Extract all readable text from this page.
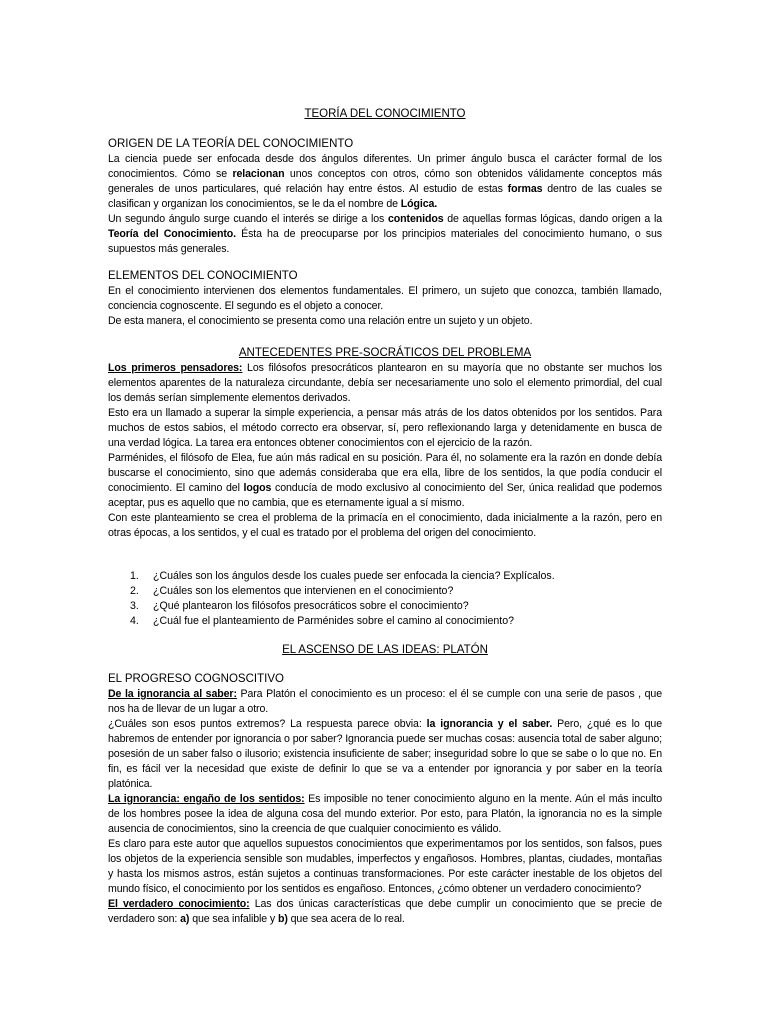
TEORÍA DEL CONOCIMIENTO
ORIGEN DE LA TEORÍA DEL CONOCIMIENTO

La ciencia puede ser enfocada desde dos ángulos diferentes. Un primer ángulo busca el carácter formal de los conocimientos. Cómo se relacionan unos conceptos con otros, cómo son obtenidos válidamente conceptos más generales de unos particulares, qué relación hay entre éstos. Al estudio de estas formas dentro de las cuales se clasifican y organizan los conocimientos, se le da el nombre de Lógica.

Un segundo ángulo surge cuando el interés se dirige a los contenidos de aquellas formas lógicas, dando origen a la Teoría del Conocimiento. Ésta ha de preocuparse por los principios materiales del conocimiento humano, o sus supuestos más generales.

ELEMENTOS DEL CONOCIMIENTO

En el conocimiento intervienen dos elementos fundamentales. El primero, un sujeto que conozca, también llamado, conciencia cognoscente. El segundo es el objeto a conocer.

De esta manera, el conocimiento se presenta como una relación entre un sujeto y un objeto.

ANTECEDENTES PRE-SOCRÁTICOS DEL PROBLEMA

Los primeros pensadores: Los filósofos presocráticos plantearon en su mayoría que no obstante ser muchos los elementos aparentes de la naturaleza circundante, debía ser necesariamente uno solo el elemento primordial, del cual los demás serían simplemente elementos derivados.

Esto era un llamado a superar la simple experiencia, a pensar más atrás de los datos obtenidos por los sentidos. Para muchos de estos sabios, el método correcto era observar, sí, pero reflexionando larga y detenidamente en busca de una verdad lógica. La tarea era entonces obtener conocimientos con el ejercicio de la razón.

Parménides, el filósofo de Elea, fue aún más radical en su posición. Para él, no solamente era la razón en donde debía buscarse el conocimiento, sino que además consideraba que era ella, libre de los sentidos, la que podía conducir el conocimiento. El camino del logos conducía de modo exclusivo al conocimiento del Ser, única realidad que podemos aceptar, pus es aquello que no cambia, que es eternamente igual a sí mismo.

Con este planteamiento se crea el problema de la primacía en el conocimiento, dada inicialmente a la razón, pero en otras épocas, a los sentidos, y el cual es tratado por el problema del origen del conocimiento.

1. ¿Cuáles son los ángulos desde los cuales puede ser enfocada la ciencia? Explícalos.
2. ¿Cuáles son los elementos que intervienen en el conocimiento?
3. ¿Qué plantearon los filósofos presocráticos sobre el conocimiento?
4. ¿Cuál fue el planteamiento de Parménides sobre el camino al conocimiento?
EL ASCENSO DE LAS IDEAS: PLATÓN
EL PROGRESO COGNOSCITIVO

De la ignorancia al saber: Para Platón el conocimiento es un proceso: el él se cumple con una serie de pasos , que nos ha de llevar de un lugar a otro.

¿Cuáles son esos puntos extremos? La respuesta parece obvia: la ignorancia y el saber. Pero, ¿qué es lo que habremos de entender por ignorancia o por saber? Ignorancia puede ser muchas cosas: ausencia total de saber alguno; posesión de un saber falso o ilusorio; existencia insuficiente de saber; inseguridad sobre lo que se sabe o lo que no. En fin, es fácil ver la necesidad que existe de definir lo que se va a entender por ignorancia y por saber en la teoría platónica.

La ignorancia: engaño de los sentidos: Es imposible no tener conocimiento alguno en la mente. Aún el más inculto de los hombres posee la idea de alguna cosa del mundo exterior. Por esto, para Platón, la ignorancia no es la simple ausencia de conocimientos, sino la creencia de que cualquier conocimiento es válido.

Es claro para este autor que aquellos supuestos conocimientos que experimentamos por los sentidos, son falsos, pues los objetos de la experiencia sensible son mudables, imperfectos y engañosos. Hombres, plantas, ciudades, montañas y hasta los mismos astros, están sujetos a continuas transformaciones. Por este carácter inestable de los objetos del mundo físico, el conocimiento por los sentidos es engañoso. Entonces, ¿cómo obtener un verdadero conocimiento?

El verdadero conocimiento: Las dos únicas características que debe cumplir un conocimiento que se precie de verdadero son: a) que sea infalible y b) que sea acera de lo real.
